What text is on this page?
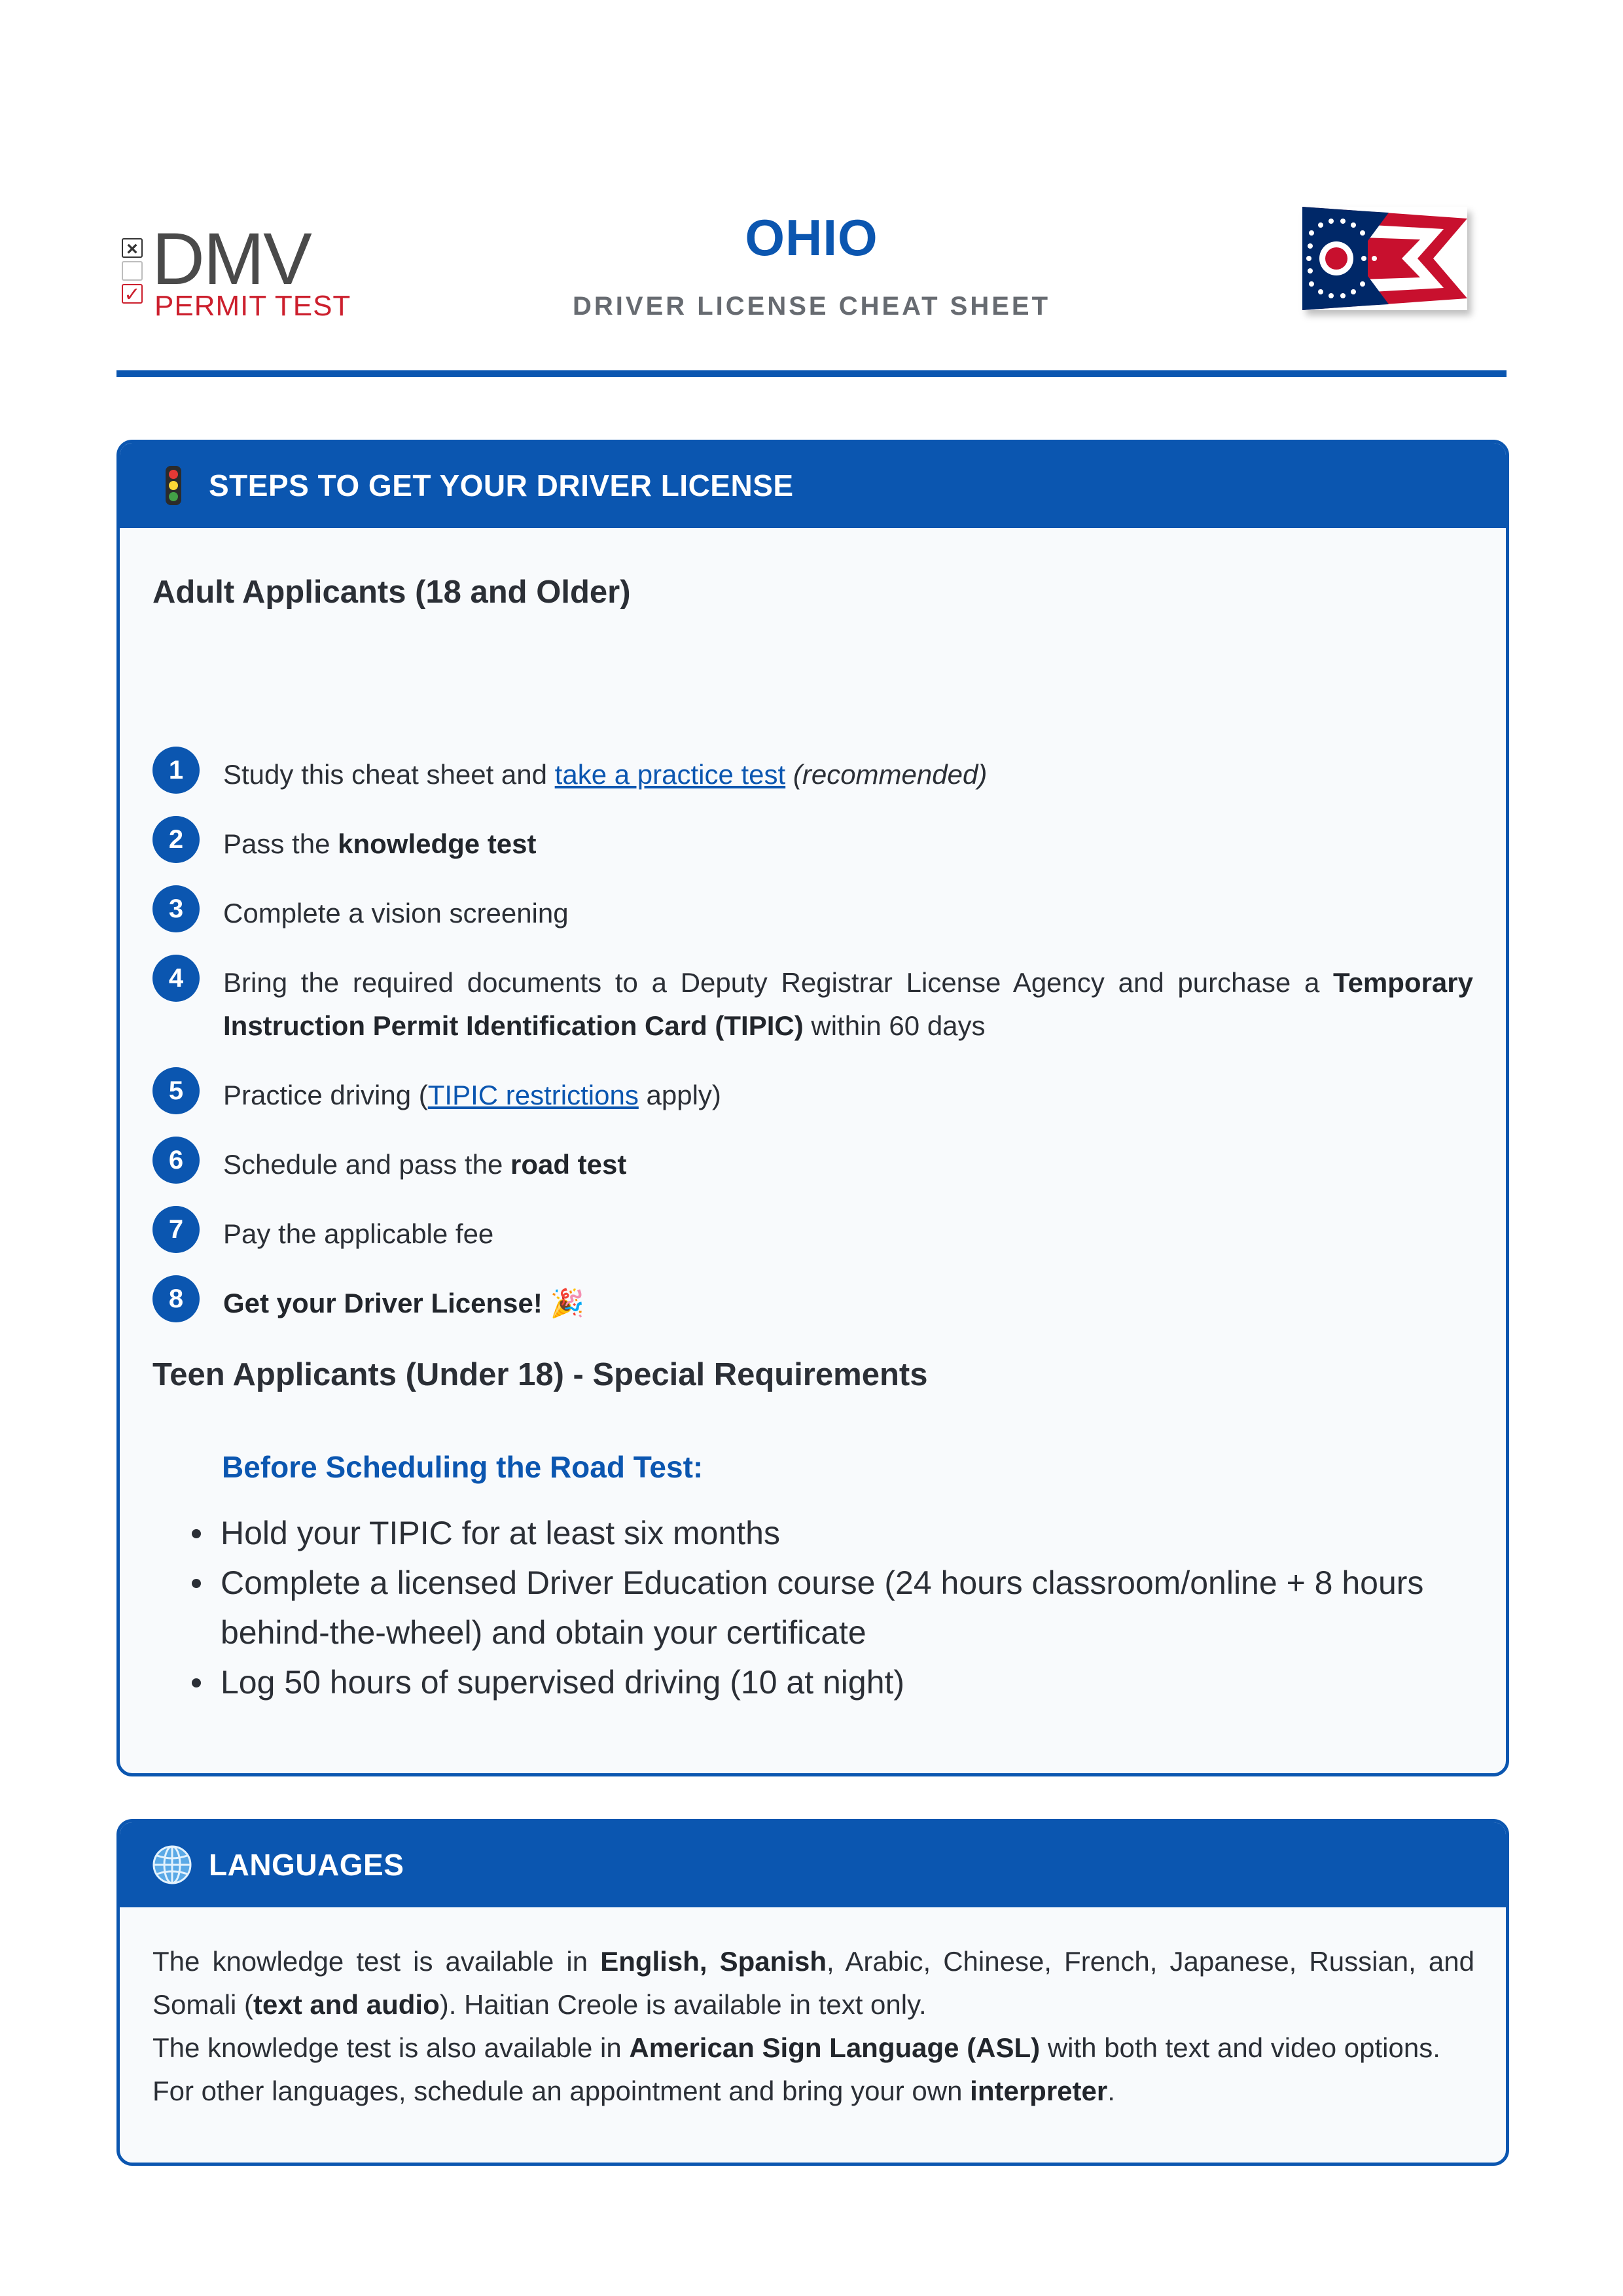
×
✓ DMV
PERMIT TEST
OHIO
DRIVER LICENSE CHEAT SHEET
STEPS TO GET YOUR DRIVER LICENSE
Adult Applicants (18 and Older)
1	Study this cheat sheet and take a practice test (recommended)
2	Pass the knowledge test
3	Complete a vision screening
4	Bring the required documents to a Deputy Registrar License Agency and purchase a Temporary Instruction Permit Identification Card (TIPIC) within 60 days
5	Practice driving (TIPIC restrictions apply)
6	Schedule and pass the road test
7	Pay the applicable fee
8	Get your Driver License! 🎉
Teen Applicants (Under 18) - Special Requirements
Before Scheduling the Road Test:
Hold your TIPIC for at least six months
Complete a licensed Driver Education course (24 hours classroom/online + 8 hours behind-the-wheel) and obtain your certificate
Log 50 hours of supervised driving (10 at night)
LANGUAGES

The knowledge test is available in English, Spanish, Arabic, Chinese, French, Japanese, Russian, and Somali (text and audio). Haitian Creole is available in text only.

The knowledge test is also available in American Sign Language (ASL) with both text and video options.

For other languages, schedule an appointment and bring your own interpreter.
